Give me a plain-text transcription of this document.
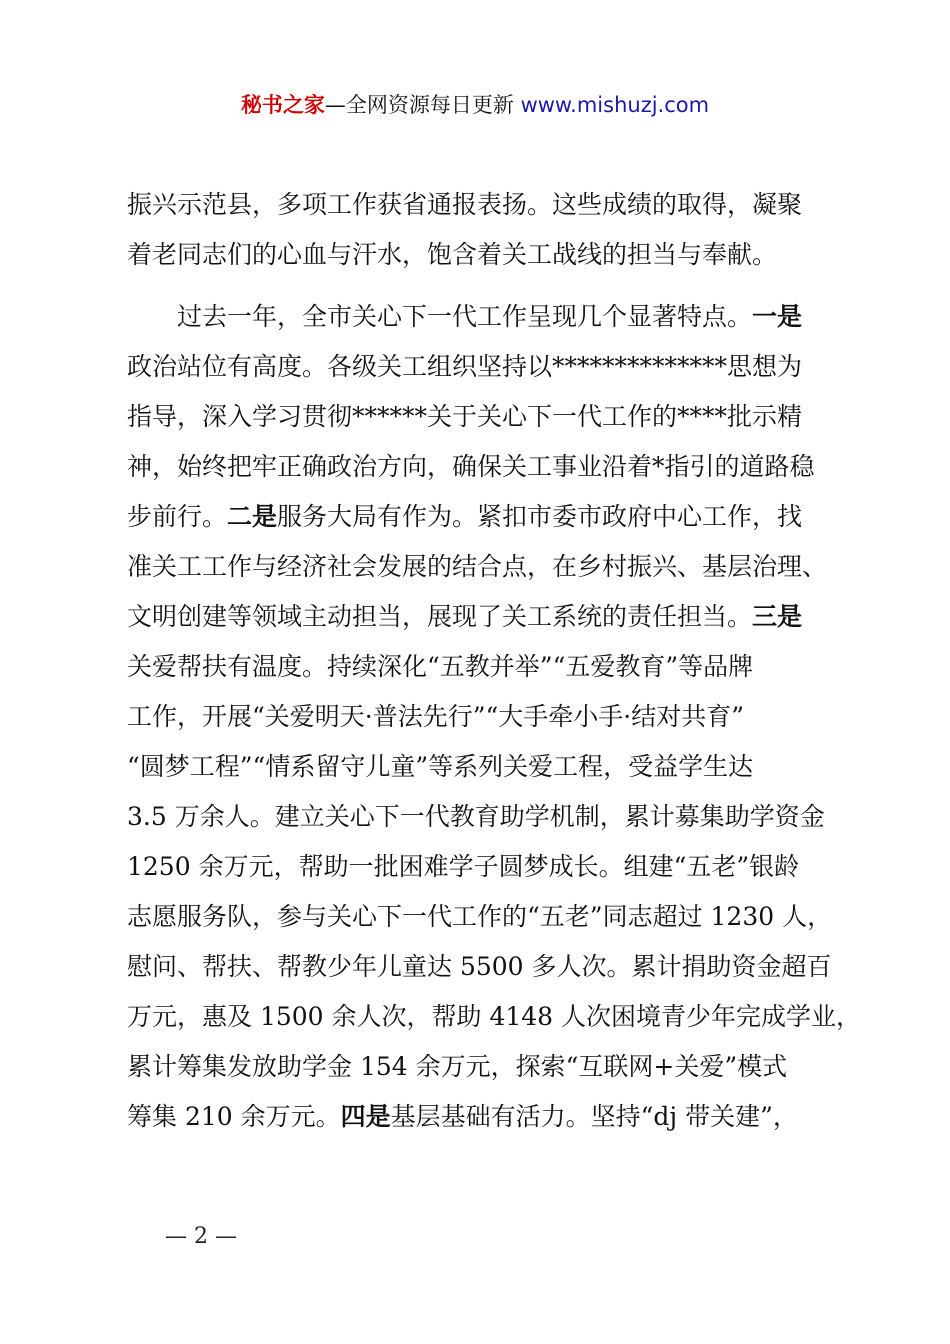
秘书之家—全网资源每日更新 www.mishuzj.com
振兴示范县，多项工作获省通报表扬。这些成绩的取得，凝聚
着老同志们的心血与汗水，饱含着关工战线的担当与奉献。
过去一年，全市关心下一代工作呈现几个显著特点。一是
政治站位有高度。各级关工组织坚持以**************思想为
指导，深入学习贯彻******关于关心下一代工作的****批示精
神，始终把牢正确政治方向，确保关工事业沿着*指引的道路稳
步前行。二是服务大局有作为。紧扣市委市政府中心工作，找
准关工工作与经济社会发展的结合点，在乡村振兴、基层治理、
文明创建等领域主动担当，展现了关工系统的责任担当。三是
关爱帮扶有温度。持续深化“五教并举”“五爱教育”等品牌
工作，开展“关爱明天·普法先行”“大手牵小手·结对共育”
“圆梦工程”“情系留守儿童”等系列关爱工程，受益学生达
3.5 万余人。建立关心下一代教育助学机制，累计募集助学资金
1250 余万元，帮助一批困难学子圆梦成长。组建“五老”银龄
志愿服务队，参与关心下一代工作的“五老”同志超过 1230 人，
慰问、帮扶、帮教少年儿童达 5500 多人次。累计捐助资金超百
万元，惠及 1500 余人次，帮助 4148 人次困境青少年完成学业，
累计筹集发放助学金 154 余万元，探索“互联网+关爱”模式
筹集 210 余万元。四是基层基础有活力。坚持“dj 带关建”，
— 2 —
